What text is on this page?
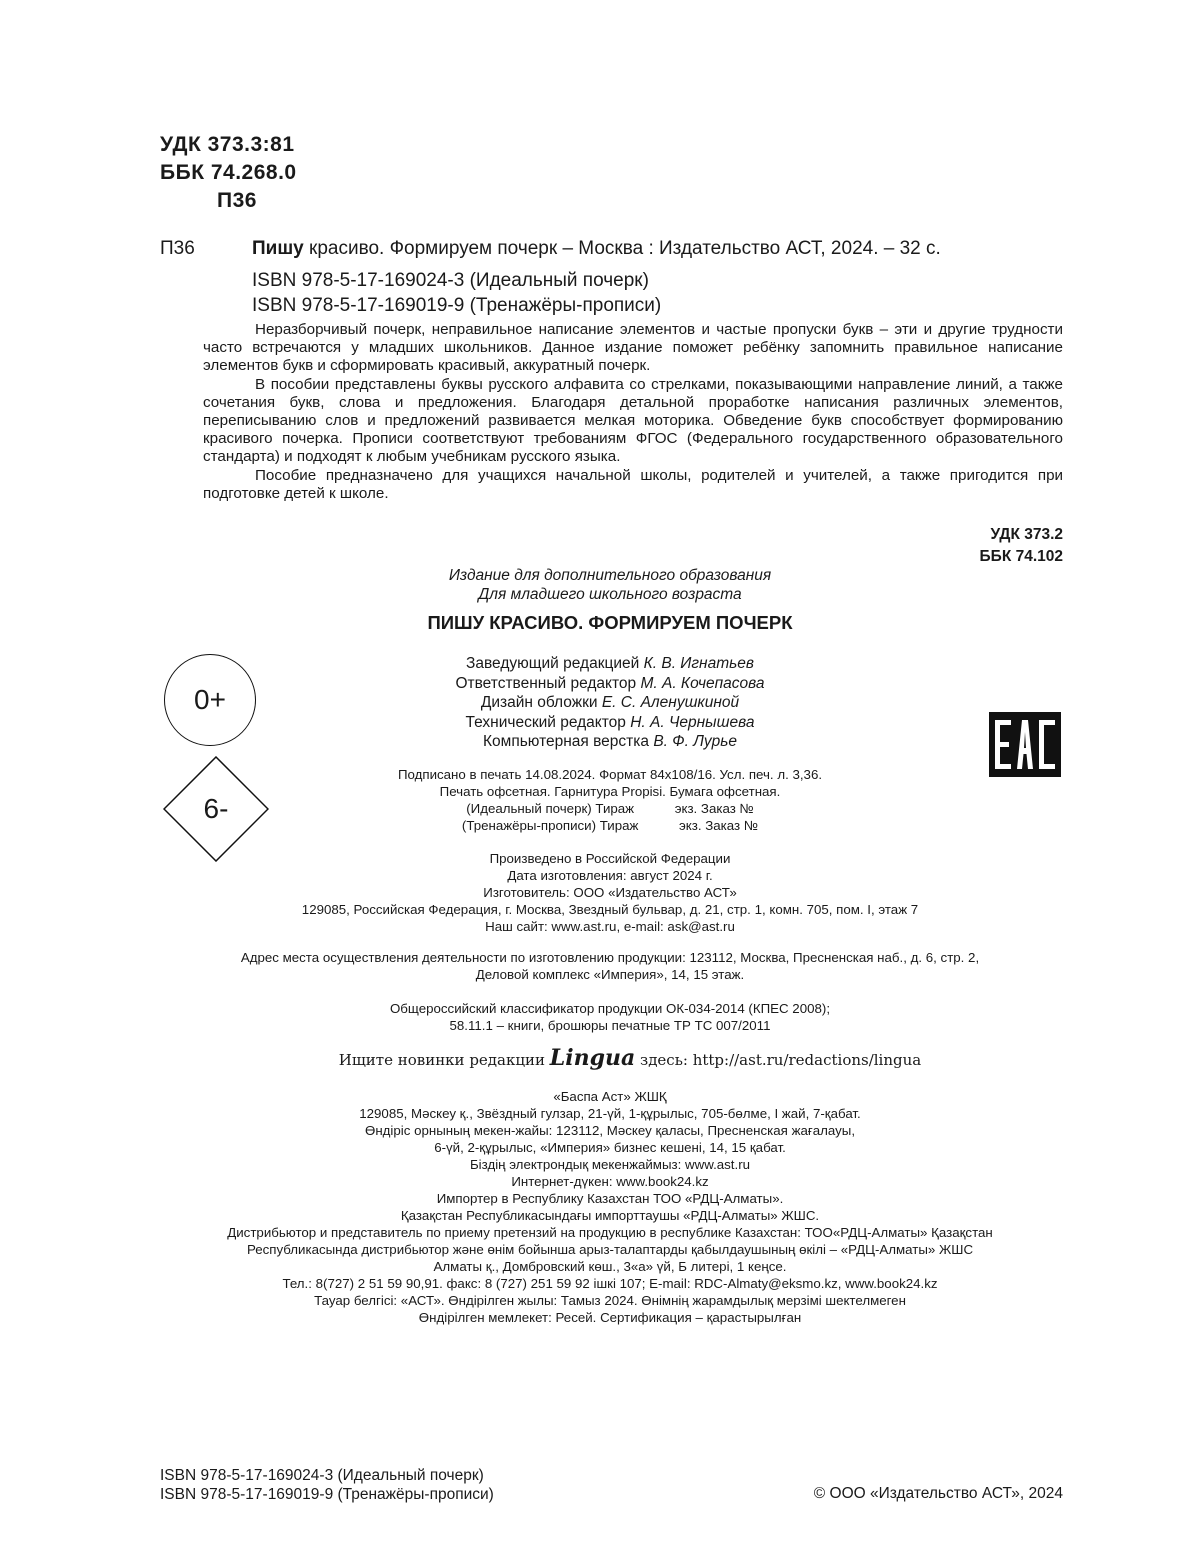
УДК 373.3:81
ББК 74.268.0
П36
П36	Пишу красиво. Формируем почерк – Москва : Издательство АСТ, 2024. – 32 с.
ISBN 978-5-17-169024-3 (Идеальный почерк)
ISBN 978-5-17-169019-9 (Тренажёры-прописи)

Неразборчивый почерк, неправильное написание элементов и частые пропуски букв – эти и другие трудности часто встречаются у младших школьников. Данное издание поможет ребёнку запомнить правильное написание элементов букв и сформировать красивый, аккуратный почерк.

В пособии представлены буквы русского алфавита со стрелками, показывающими направление линий, а также сочетания букв, слова и предложения. Благодаря детальной проработке написания различных элементов, переписыванию слов и предложений развивается мелкая моторика. Обведение букв способствует формированию красивого почерка. Прописи соответствуют требованиям ФГОС (Федерального государственного образовательного стандарта) и подходят к любым учебникам русского языка.

Пособие предназначено для учащихся начальной школы, родителей и учителей, а также пригодится при подготовке детей к школе.

УДК 373.2
ББК 74.102
Издание для дополнительного образования
Для младшего школьного возраста
ПИШУ КРАСИВО. ФОРМИРУЕМ ПОЧЕРК
Заведующий редакцией К. В. Игнатьев
Ответственный редактор М. А. Кочепасова
Дизайн обложки Е. С. Аленушкиной
Технический редактор Н. А. Чернышева
Компьютерная верстка В. Ф. Лурье
0+
6-
Подписано в печать 14.08.2024. Формат 84x108/16. Усл. печ. л. 3,36.
Печать офсетная. Гарнитура Propisi. Бумага офсетная.
(Идеальный почерк) Тираж           экз. Заказ №
(Тренажёры-прописи) Тираж           экз. Заказ №
Произведено в Российской Федерации
Дата изготовления: август 2024 г.
Изготовитель: ООО «Издательство АСТ»
129085, Российская Федерация, г. Москва, Звездный бульвар, д. 21, стр. 1, комн. 705, пом. I, этаж 7
Наш сайт: www.ast.ru, e-mail: ask@ast.ru
Адрес места осуществления деятельности по изготовлению продукции: 123112, Москва, Пресненская наб., д. 6, стр. 2,
Деловой комплекс «Империя», 14, 15 этаж.
Общероссийский классификатор продукции ОК-034-2014 (КПЕС 2008);
58.11.1 – книги, брошюры печатные ТР ТС 007/2011
Ищите новинки редакции Lingua здесь: http://ast.ru/redactions/lingua
«Баспа Аст» ЖШҚ
129085, Мәскеу қ., Звёздный гулзар, 21-үй, 1-құрылыс, 705-бөлме, I жай, 7-қабат.
Өндіріс орнының мекен-жайы: 123112, Мәскеу қаласы, Пресненская жағалауы,
6-үй, 2-құрылыс, «Империя» бизнес кешені, 14, 15 қабат.
Біздің электрондық мекенжаймыз: www.ast.ru
Интернет-дүкен: www.book24.kz
Импортер в Республику Казахстан ТОО «РДЦ-Алматы».
Қазақстан Республикасындағы импорттаушы «РДЦ-Алматы» ЖШС.
Дистрибьютор и представитель по приему претензий на продукцию в республике Казахстан: ТОО«РДЦ-Алматы» Қазақстан
Республикасында дистрибьютор және өнім бойынша арыз-талаптарды қабылдаушының өкілі – «РДЦ-Алматы» ЖШС
Алматы қ., Домбровский көш., 3«а» үй, Б литері, 1 кеңсе.
Тел.: 8(727) 2 51 59 90,91. факс: 8 (727) 251 59 92 ішкі 107; E-mail: RDC-Almaty@eksmo.kz, www.book24.kz
Тауар белгісі: «АСТ». Өндірілген жылы: Тамыз 2024. Өнімнің жарамдылық мерзімі шектелмеген
Өндірілген мемлекет: Ресей. Сертификация – қарастырылған
ISBN 978-5-17-169024-3 (Идеальный почерк)
ISBN 978-5-17-169019-9 (Тренажёры-прописи)	© ООО «Издательство АСТ», 2024
